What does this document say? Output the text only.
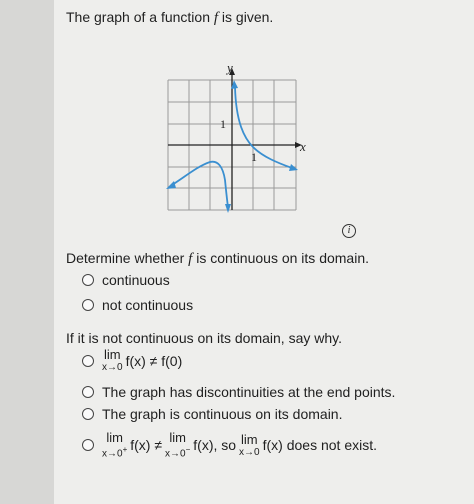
The graph of a function f is given.
y
x
1
1
i
Determine whether f is continuous on its domain.
continuous
not continuous
If it is not continuous on its domain, say why.
lim
x→0 f(x) ≠ f(0)
The graph has discontinuities at the end points.
The graph is continuous on its domain.
lim
x→0+ f(x) ≠ lim
x→0− f(x), so lim
x→0 f(x) does not exist.
